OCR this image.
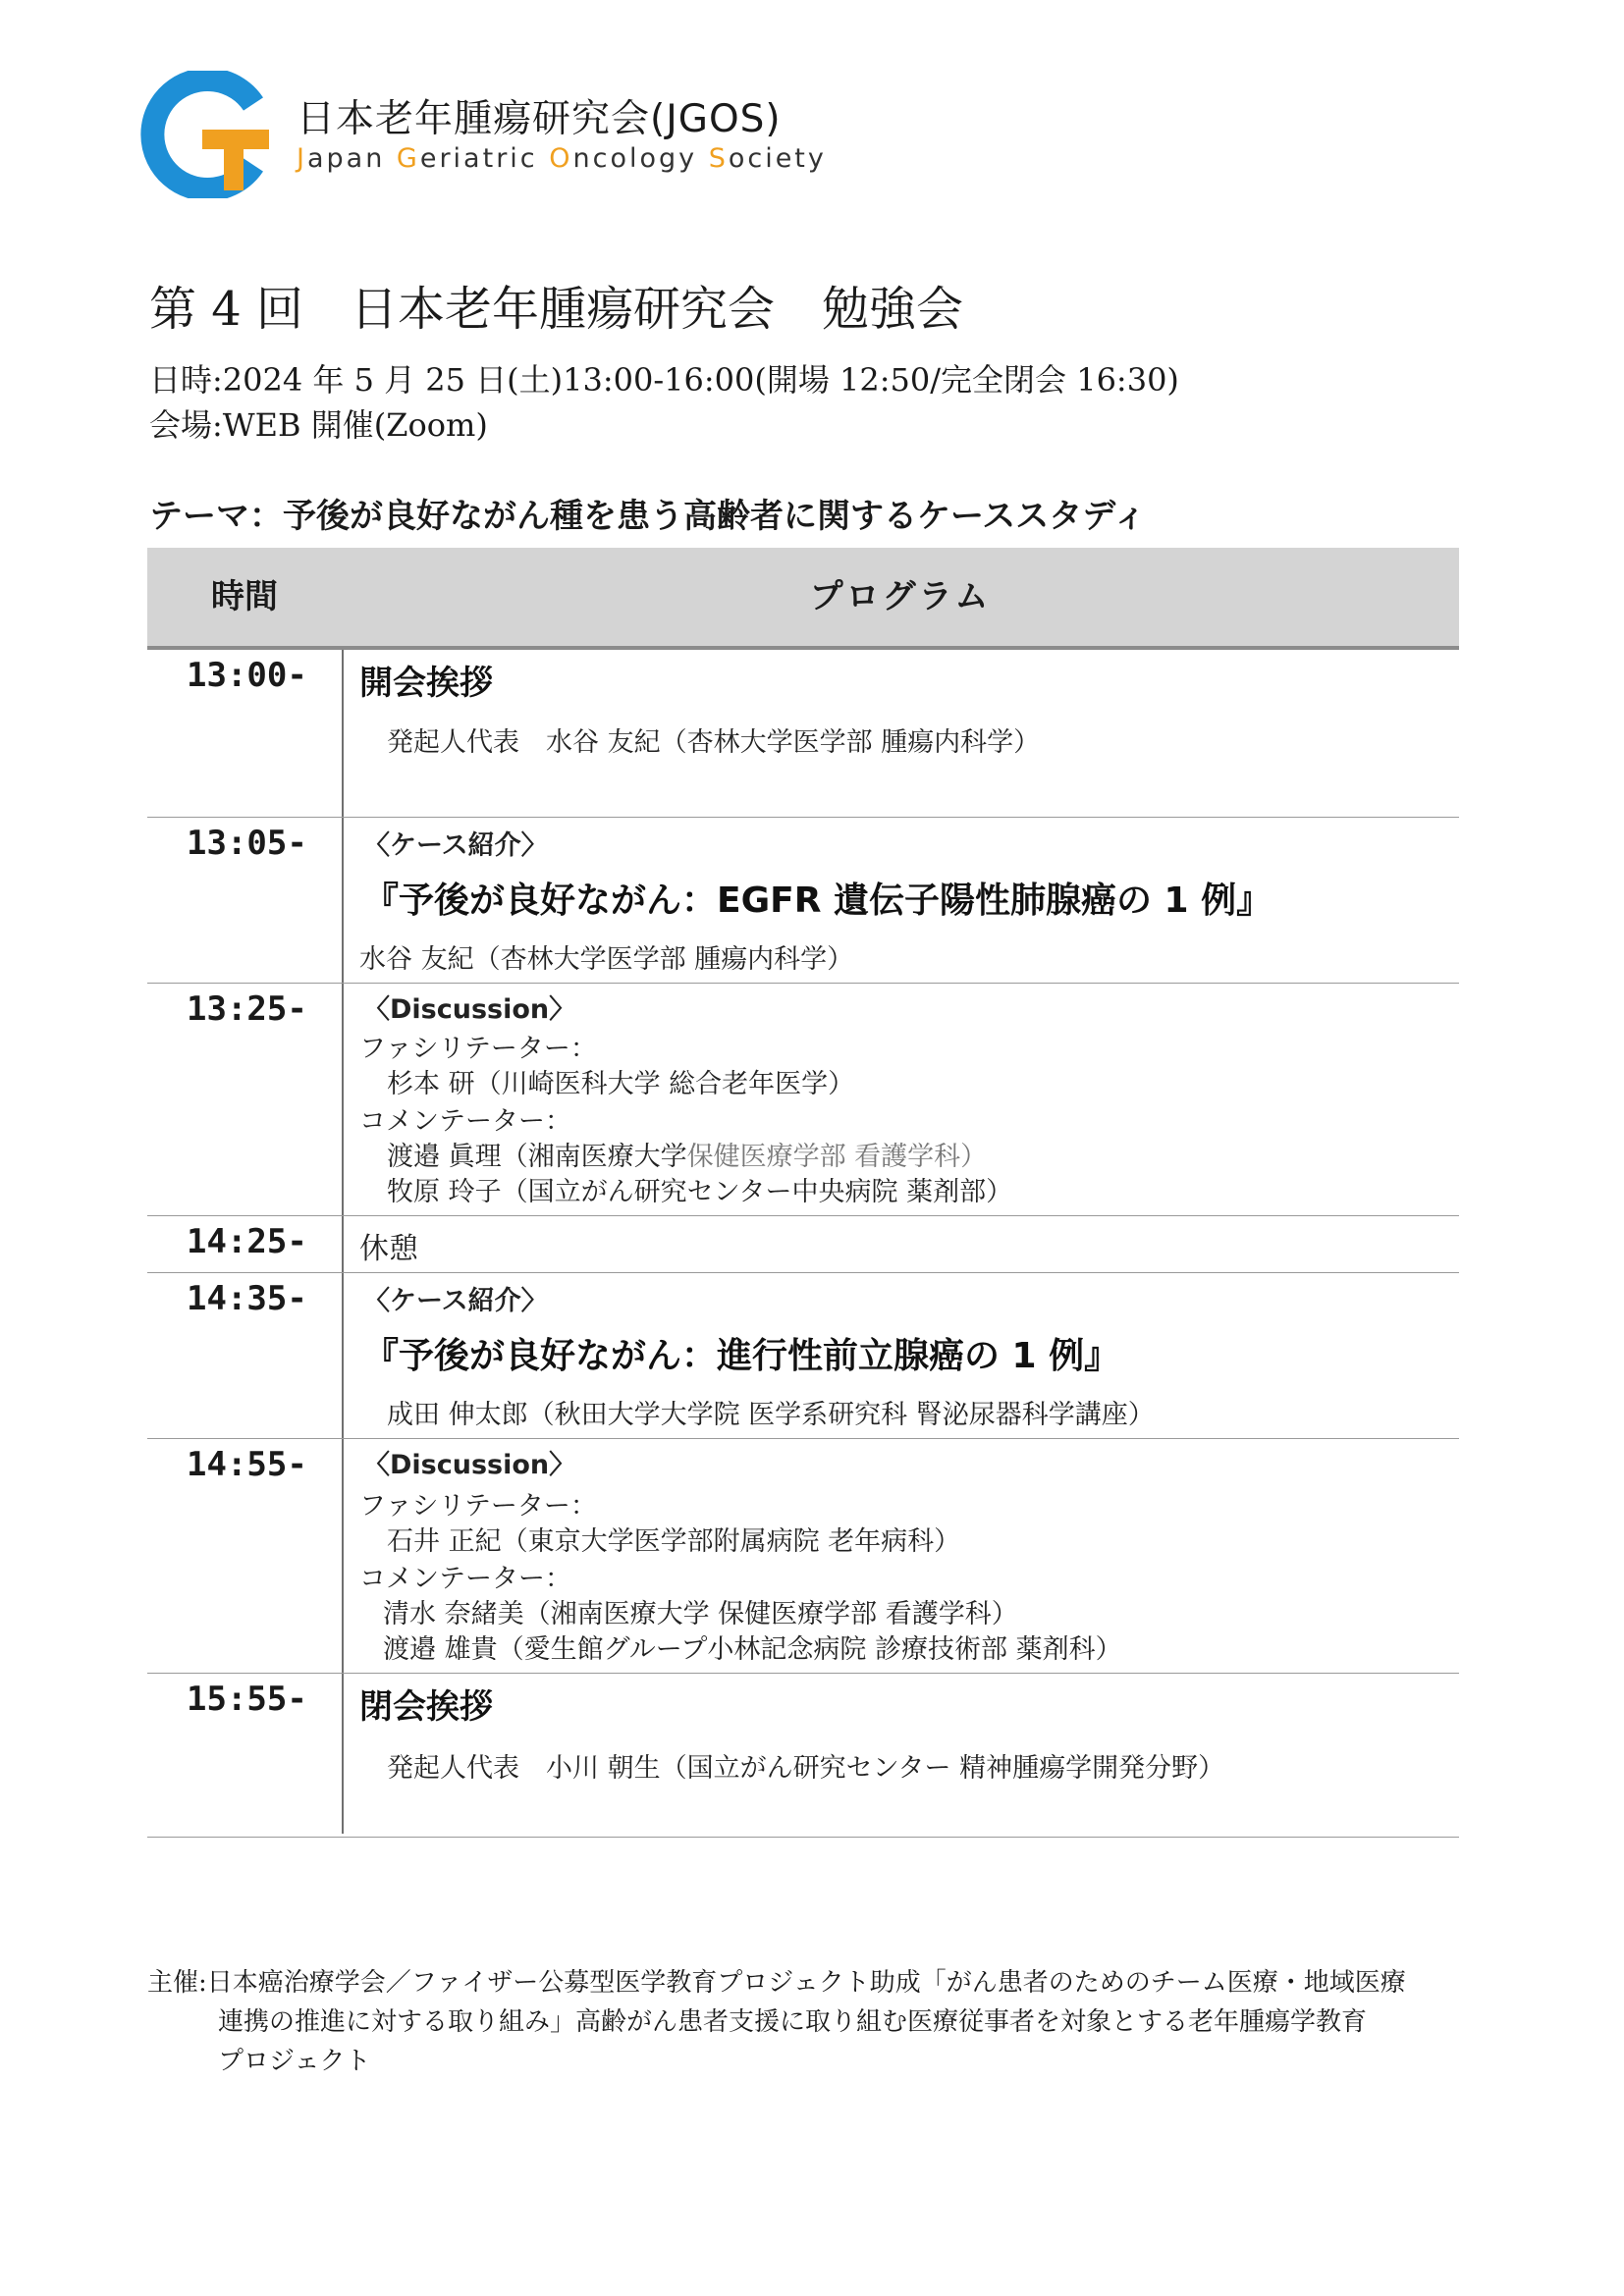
日本老年腫瘍研究会(JGOS)
Japan Geriatric Oncology Society
第 4 回　日本老年腫瘍研究会　勉強会
日時:2024 年 5 月 25 日(土)13:00-16:00(開場 12:50/完全閉会 16:30)
会場:WEB 開催(Zoom)
テーマ：予後が良好ながん種を患う高齢者に関するケーススタディ
時間	プログラム
13:00- 開会挨拶
発起人代表　水谷 友紀（杏林大学医学部 腫瘍内科学）
13:05- 〈ケース紹介〉
『予後が良好ながん：EGFR 遺伝子陽性肺腺癌の 1 例』
水谷 友紀（杏林大学医学部 腫瘍内科学）
13:25- 〈Discussion〉
ファシリテーター：
杉本 研（川崎医科大学 総合老年医学）
コメンテーター：
渡邉 眞理（湘南医療大学保健医療学部 看護学科）
牧原 玲子（国立がん研究センター中央病院 薬剤部）
14:25- 休憩
14:35- 〈ケース紹介〉
『予後が良好ながん：進行性前立腺癌の 1 例』
成田 伸太郎（秋田大学大学院 医学系研究科 腎泌尿器科学講座）
14:55- 〈Discussion〉
ファシリテーター：
石井 正紀（東京大学医学部附属病院 老年病科）
コメンテーター：
清水 奈緒美（湘南医療大学 保健医療学部 看護学科）
渡邉 雄貴（愛生館グループ小林記念病院 診療技術部 薬剤科）
15:55- 閉会挨拶
発起人代表　小川 朝生（国立がん研究センター 精神腫瘍学開発分野）
主催:日本癌治療学会／ファイザー公募型医学教育プロジェクト助成「がん患者のためのチーム医療・地域医療
連携の推進に対する取り組み」高齢がん患者支援に取り組む医療従事者を対象とする老年腫瘍学教育
プロジェクト
